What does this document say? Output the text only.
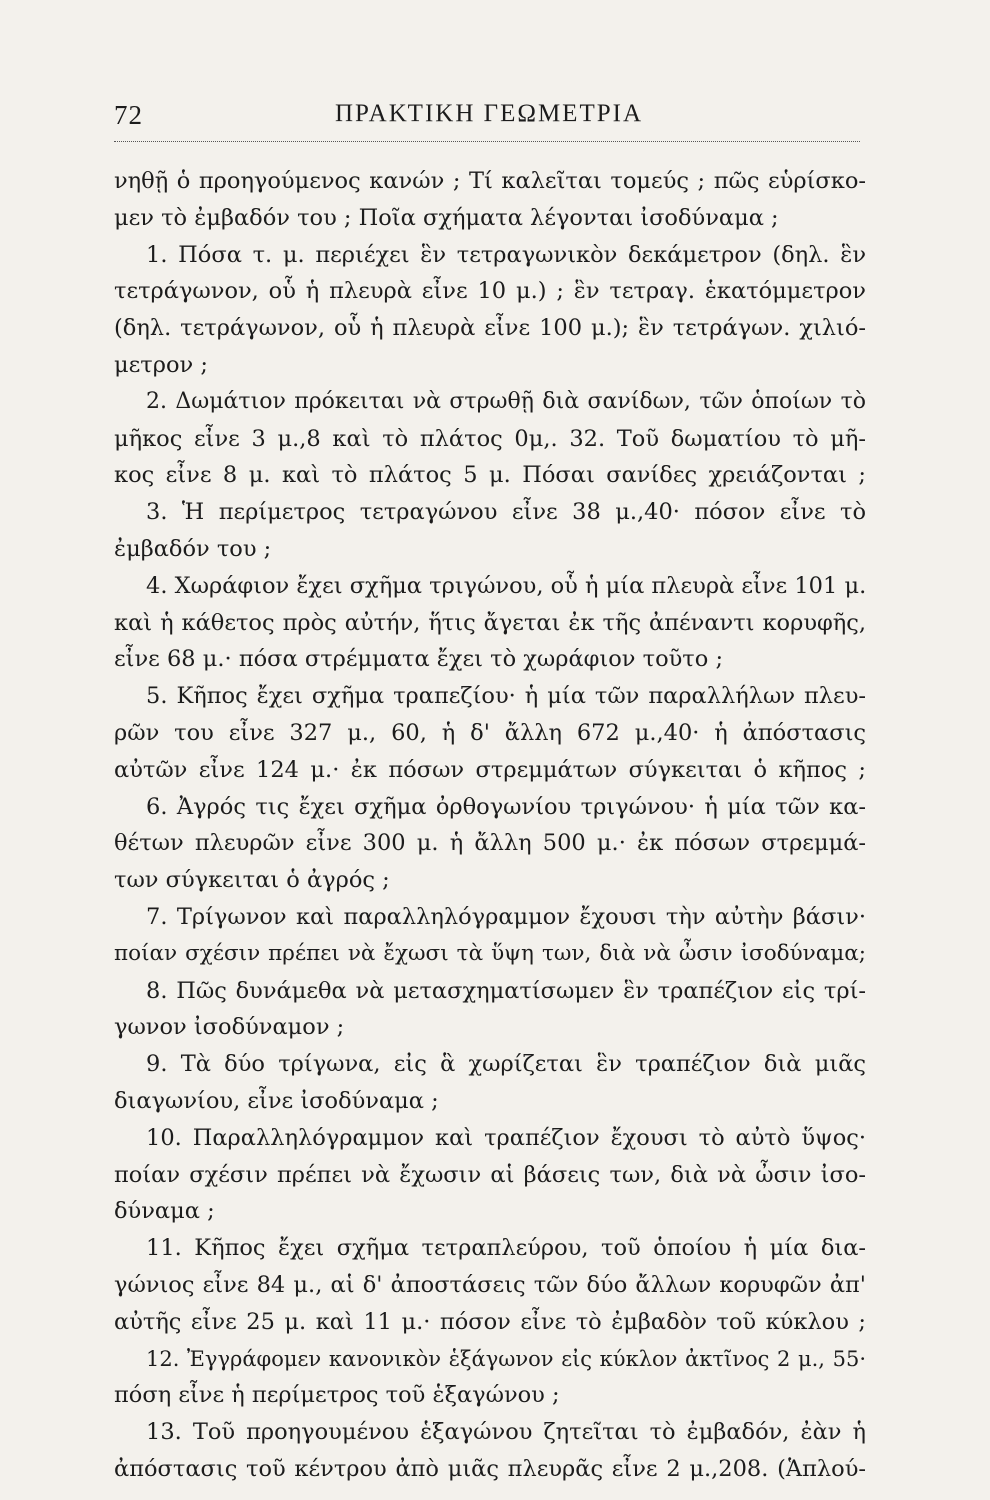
72	ΠΡΑΚΤΙΚΗ ΓΕΩΜΕΤΡΙΑ
νηθῇ ὁ προηγούμενος κανών ; Τί καλεῖται τομεύς ; πῶς εὑρίσκο-
μεν τὸ ἐμβαδόν του ; Ποῖα σχήματα λέγονται ἰσοδύναμα ;
1. Πόσα τ. μ. περιέχει ἓν τετραγωνικὸν δεκάμετρον (δηλ. ἓν
τετράγωνον, οὗ ἡ πλευρὰ εἶνε 10 μ.) ; ἓν τετραγ. ἑκατόμμετρον
(δηλ. τετράγωνον, οὗ ἡ πλευρὰ εἶνε 100 μ.); ἓν τετράγων. χιλιό-
μετρον ;
2. Δωμάτιον πρόκειται νὰ στρωθῇ διὰ σανίδων, τῶν ὁποίων τὸ
μῆκος εἶνε 3 μ.,8 καὶ τὸ πλάτος 0μ,. 32. Τοῦ δωματίου τὸ μῆ-
κος εἶνε 8 μ. καὶ τὸ πλάτος 5 μ. Πόσαι σανίδες χρειάζονται ;
3. Ἡ περίμετρος τετραγώνου εἶνε 38 μ.,40· πόσον εἶνε τὸ
ἐμβαδόν του ;
4. Χωράφιον ἔχει σχῆμα τριγώνου, οὗ ἡ μία πλευρὰ εἶνε 101 μ.
καὶ ἡ κάθετος πρὸς αὐτήν, ἥτις ἄγεται ἐκ τῆς ἀπέναντι κορυφῆς,
εἶνε 68 μ.· πόσα στρέμματα ἔχει τὸ χωράφιον τοῦτο ;
5. Κῆπος ἔχει σχῆμα τραπεζίου· ἡ μία τῶν παραλλήλων πλευ-
ρῶν του εἶνε 327 μ., 60, ἡ δ' ἄλλη 672 μ.,40· ἡ ἀπόστασις
αὐτῶν εἶνε 124 μ.· ἐκ πόσων στρεμμάτων σύγκειται ὁ κῆπος ;
6. Ἀγρός τις ἔχει σχῆμα ὀρθογωνίου τριγώνου· ἡ μία τῶν κα-
θέτων πλευρῶν εἶνε 300 μ. ἡ ἄλλη 500 μ.· ἐκ πόσων στρεμμά-
των σύγκειται ὁ ἀγρός ;
7. Τρίγωνον καὶ παραλληλόγραμμον ἔχουσι τὴν αὐτὴν βάσιν·
ποίαν σχέσιν πρέπει νὰ ἔχωσι τὰ ὕψη των, διὰ νὰ ὦσιν ἰσοδύναμα;
8. Πῶς δυνάμεθα νὰ μετασχηματίσωμεν ἓν τραπέζιον εἰς τρί-
γωνον ἰσοδύναμον ;
9. Τὰ δύο τρίγωνα, εἰς ἃ χωρίζεται ἓν τραπέζιον διὰ μιᾶς
διαγωνίου, εἶνε ἰσοδύναμα ;
10. Παραλληλόγραμμον καὶ τραπέζιον ἔχουσι τὸ αὐτὸ ὕψος·
ποίαν σχέσιν πρέπει νὰ ἔχωσιν αἱ βάσεις των, διὰ νὰ ὦσιν ἰσο-
δύναμα ;
11. Κῆπος ἔχει σχῆμα τετραπλεύρου, τοῦ ὁποίου ἡ μία δια-
γώνιος εἶνε 84 μ., αἱ δ' ἀποστάσεις τῶν δύο ἄλλων κορυφῶν ἀπ'
αὐτῆς εἶνε 25 μ. καὶ 11 μ.· πόσον εἶνε τὸ ἐμβαδὸν τοῦ κύκλου ;
12. Ἐγγράφομεν κανονικὸν ἑξάγωνον εἰς κύκλον ἀκτῖνος 2 μ., 55·
πόση εἶνε ἡ περίμετρος τοῦ ἑξαγώνου ;
13. Τοῦ προηγουμένου ἑξαγώνου ζητεῖται τὸ ἐμβαδόν, ἐὰν ἡ
ἀπόστασις τοῦ κέντρου ἀπὸ μιᾶς πλευρᾶς εἶνε 2 μ.,208. (Ἁπλού-
